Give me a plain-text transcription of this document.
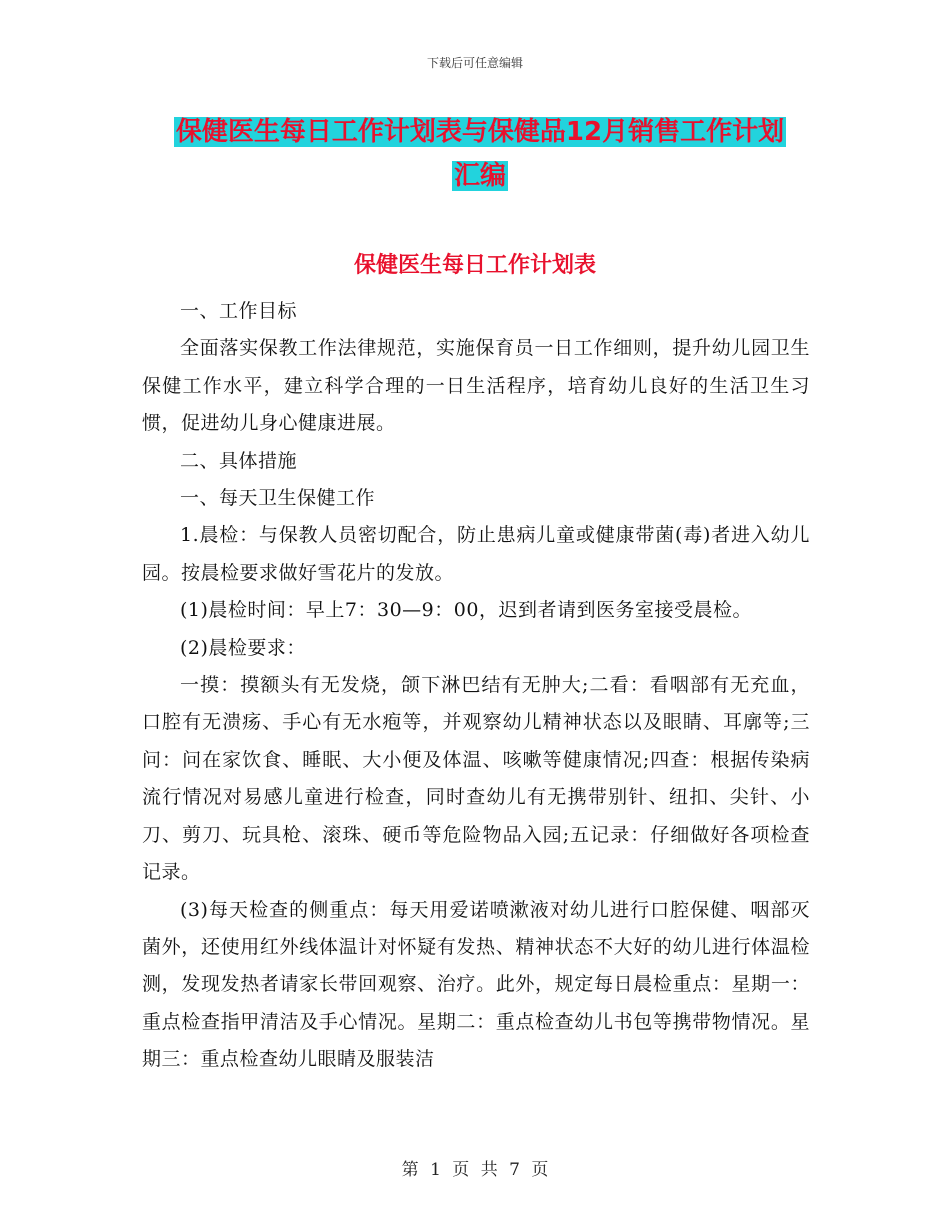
下载后可任意编辑
保健医生每日工作计划表与保健品12月销售工作计划
汇编
保健医生每日工作计划表

一、工作目标

全面落实保教工作法律规范，实施保育员一日工作细则，提升幼儿园卫生保健工作水平，建立科学合理的一日生活程序，培育幼儿良好的生活卫生习惯，促进幼儿身心健康进展。

二、具体措施

一、每天卫生保健工作

1.晨检：与保教人员密切配合，防止患病儿童或健康带菌(毒)者进入幼儿园。按晨检要求做好雪花片的发放。

(1)晨检时间：早上7：30—9：00，迟到者请到医务室接受晨检。

(2)晨检要求：

一摸：摸额头有无发烧，颌下淋巴结有无肿大;二看：看咽部有无充血，口腔有无溃疡、手心有无水疱等，并观察幼儿精神状态以及眼睛、耳廓等;三问：问在家饮食、睡眠、大小便及体温、咳嗽等健康情况;四查：根据传染病流行情况对易感儿童进行检查，同时查幼儿有无携带别针、纽扣、尖针、小刀、剪刀、玩具枪、滚珠、硬币等危险物品入园;五记录：仔细做好各项检查记录。

(3)每天检查的侧重点：每天用爱诺喷漱液对幼儿进行口腔保健、咽部灭菌外，还使用红外线体温计对怀疑有发热、精神状态不大好的幼儿进行体温检测，发现发热者请家长带回观察、治疗。此外，规定每日晨检重点：星期一：重点检查指甲清洁及手心情况。星期二：重点检查幼儿书包等携带物情况。星期三：重点检查幼儿眼睛及服装洁

第 1 页 共 7 页
